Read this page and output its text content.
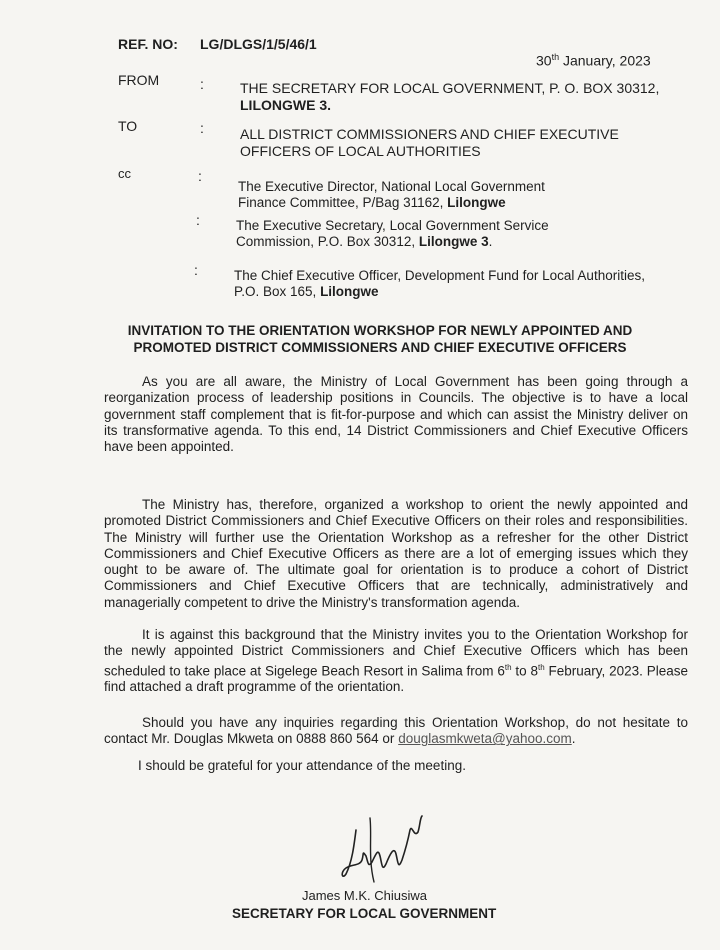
REF. NO: LG/DLGS/1/5/46/1
30th January, 2023
FROM	:	THE SECRETARY FOR LOCAL GOVERNMENT, P. O. BOX 30312,
LILONGWE 3.
TO	:	ALL DISTRICT COMMISSIONERS AND CHIEF EXECUTIVE OFFICERS OF LOCAL AUTHORITIES
cc	:
The Executive Director, National Local Government Finance Committee, P/Bag 31162, Lilongwe
:	The Executive Secretary, Local Government Service Commission, P.O. Box 30312, Lilongwe 3.
:	The Chief Executive Officer, Development Fund for Local Authorities, P.O. Box 165, Lilongwe
INVITATION TO THE ORIENTATION WORKSHOP FOR NEWLY APPOINTED AND PROMOTED DISTRICT COMMISSIONERS AND CHIEF EXECUTIVE OFFICERS

As you are all aware, the Ministry of Local Government has been going through a reorganization process of leadership positions in Councils. The objective is to have a local government staff complement that is fit-for-purpose and which can assist the Ministry deliver on its transformative agenda. To this end, 14 District Commissioners and Chief Executive Officers have been appointed.

The Ministry has, therefore, organized a workshop to orient the newly appointed and promoted District Commissioners and Chief Executive Officers on their roles and responsibilities. The Ministry will further use the Orientation Workshop as a refresher for the other District Commissioners and Chief Executive Officers as there are a lot of emerging issues which they ought to be aware of. The ultimate goal for orientation is to produce a cohort of District Commissioners and Chief Executive Officers that are technically, administratively and managerially competent to drive the Ministry's transformation agenda.

It is against this background that the Ministry invites you to the Orientation Workshop for the newly appointed District Commissioners and Chief Executive Officers which has been scheduled to take place at Sigelege Beach Resort in Salima from 6th to 8th February, 2023. Please find attached a draft programme of the orientation.

Should you have any inquiries regarding this Orientation Workshop, do not hesitate to contact Mr. Douglas Mkweta on 0888 860 564 or douglasmkweta@yahoo.com.

I should be grateful for your attendance of the meeting.

James M.K. Chiusiwa
SECRETARY FOR LOCAL GOVERNMENT
